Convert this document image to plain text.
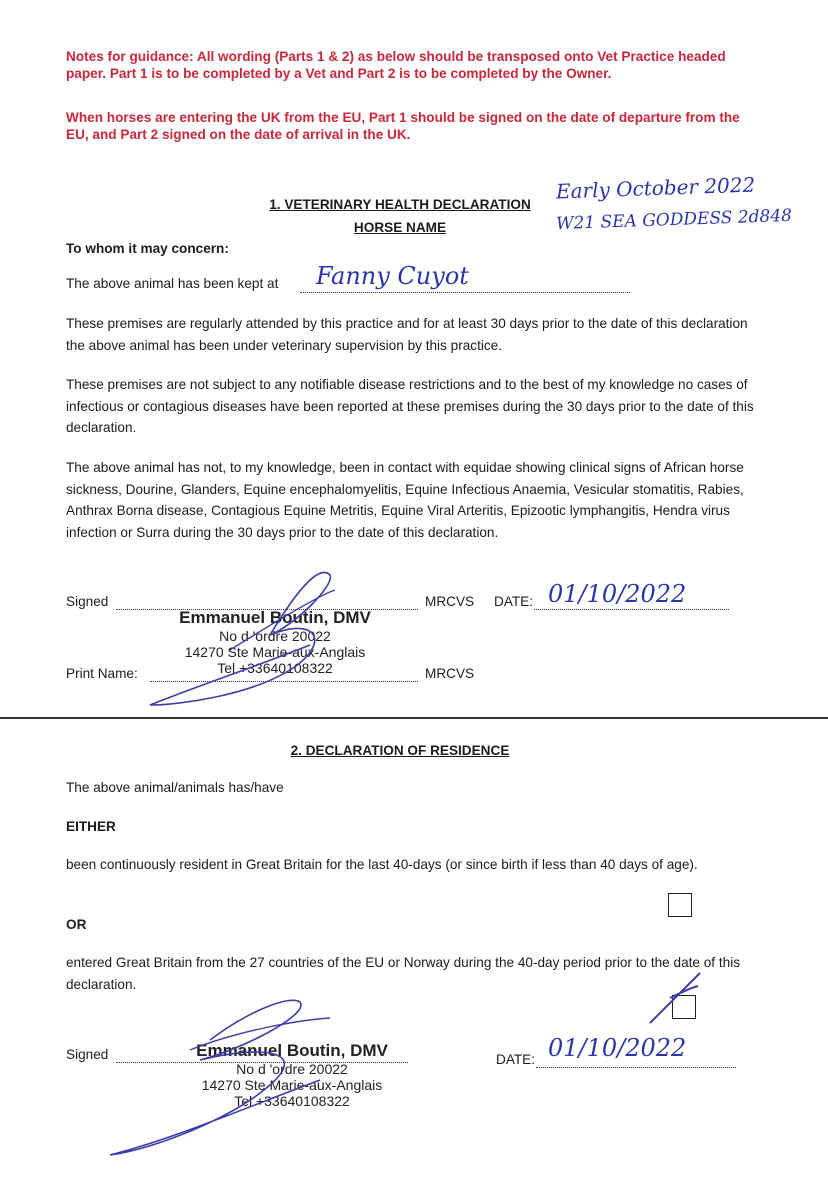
Notes for guidance: All wording (Parts 1 & 2) as below should be transposed onto Vet Practice headed paper. Part 1 is to be completed by a Vet and Part 2 is to be completed by the Owner.
When horses are entering the UK from the EU, Part 1 should be signed on the date of departure from the EU, and Part 2 signed on the date of arrival in the UK.
1. VETERINARY HEALTH DECLARATION
HORSE NAME
Early October 2022
W21 SEA GODDESS 2d848
To whom it may concern:
The above animal has been kept at Fanny Cuyot
These premises are regularly attended by this practice and for at least 30 days prior to the date of this declaration the above animal has been under veterinary supervision by this practice.
These premises are not subject to any notifiable disease restrictions and to the best of my knowledge no cases of infectious or contagious diseases have been reported at these premises during the 30 days prior to the date of this declaration.
The above animal has not, to my knowledge, been in contact with equidae showing clinical signs of African horse sickness, Dourine, Glanders, Equine encephalomyelitis, Equine Infectious Anaemia, Vesicular stomatitis, Rabies, Anthrax Borna disease, Contagious Equine Metritis, Equine Viral Arteritis, Epizootic lymphangitis, Hendra virus infection or Surra during the 30 days prior to the date of this declaration.
Signed	MRCVS DATE: 01/10/2022
Print Name:	MRCVS
Emmanuel Boutin, DMV
No d 'ordre 20022
14270 Ste Marie-aux-Anglais
Tel +33640108322
2. DECLARATION OF RESIDENCE
The above animal/animals has/have
EITHER
been continuously resident in Great Britain for the last 40-days (or since birth if less than 40 days of age).
OR
entered Great Britain from the 27 countries of the EU or Norway during the 40-day period prior to the date of this declaration.
Signed	DATE: 01/10/2022
Emmanuel Boutin, DMV
No d 'ordre 20022
14270 Ste Marie-aux-Anglais
Tel +33640108322
